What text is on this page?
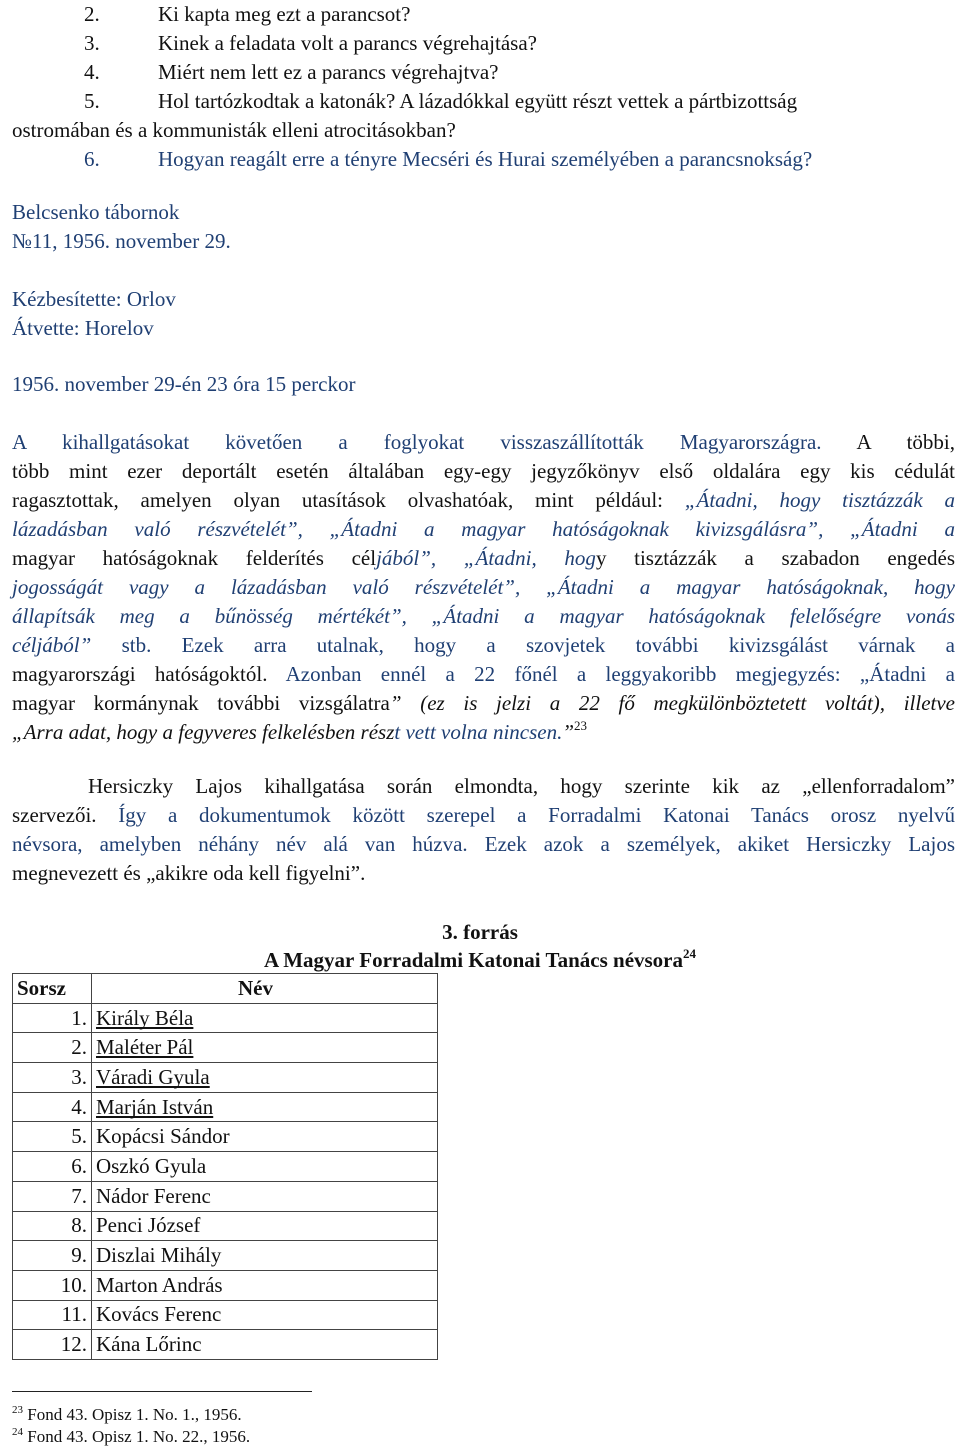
2.	Ki kapta meg ezt a parancsot?
3.	Kinek a feladata volt a parancs végrehajtása?
4.	Miért nem lett ez a parancs végrehajtva?
5.	Hol tartózkodtak a katonák? A lázadókkal együtt részt vettek a pártbizottság
ostromában és a kommunisták elleni atrocitásokban?
6.	Hogyan reagált erre a tényre Mecséri és Hurai személyében a parancsnokság?
Belcsenko tábornok
№11, 1956. november 29.
Kézbesítette: Orlov
Átvette: Horelov
1956. november 29-én 23 óra 15 perckor
A kihallgatásokat követően a foglyokat visszaszállították Magyarországra. A többi,
több mint ezer deportált esetén általában egy-egy jegyzőkönyv első oldalára egy kis cédulát
ragasztottak, amelyen olyan utasítások olvashatóak, mint például: „Átadni, hogy tisztázzák a
lázadásban való részvételét”, „Átadni a magyar hatóságoknak kivizsgálásra”, „Átadni a
magyar hatóságoknak felderítés céljából”, „Átadni, hogy tisztázzák a szabadon engedés
jogosságát vagy a lázadásban való részvételét”, „Átadni a magyar hatóságoknak, hogy
állapítsák meg a bűnösség mértékét”, „Átadni a magyar hatóságoknak felelőségre vonás
céljából” stb. Ezek arra utalnak, hogy a szovjetek további kivizsgálást várnak a
magyarországi hatóságoktól. Azonban ennél a 22 főnél a leggyakoribb megjegyzés: „Átadni a
magyar kormánynak további vizsgálatra” (ez is jelzi a 22 fő megkülönböztetett voltát), illetve
„Arra adat, hogy a fegyveres felkelésben részt vett volna nincsen.”$^{23}$
Hersiczky Lajos kihallgatása során elmondta, hogy szerinte kik az „ellenforradalom”
szervezői. Így a dokumentumok között szerepel a Forradalmi Katonai Tanács orosz nyelvű
névsora, amelyben néhány név alá van húzva. Ezek azok a személyek, akiket Hersiczky Lajos
megnevezett és „akikre oda kell figyelni”.
3. forrás
A Magyar Forradalmi Katonai Tanács névsora$^{24}$
Sorsz	Név
1.	Király Béla
2.	Maléter Pál
3.	Váradi Gyula
4.	Marján István
5.	Kopácsi Sándor
6.	Oszkó Gyula
7.	Nádor Ferenc
8.	Penci József
9.	Diszlai Mihály
10.	Marton András
11.	Kovács Ferenc
12.	Kána Lőrinc
$^{23}$ Fond 43. Opisz 1. No. 1., 1956.
$^{24}$ Fond 43. Opisz 1. No. 22., 1956.
